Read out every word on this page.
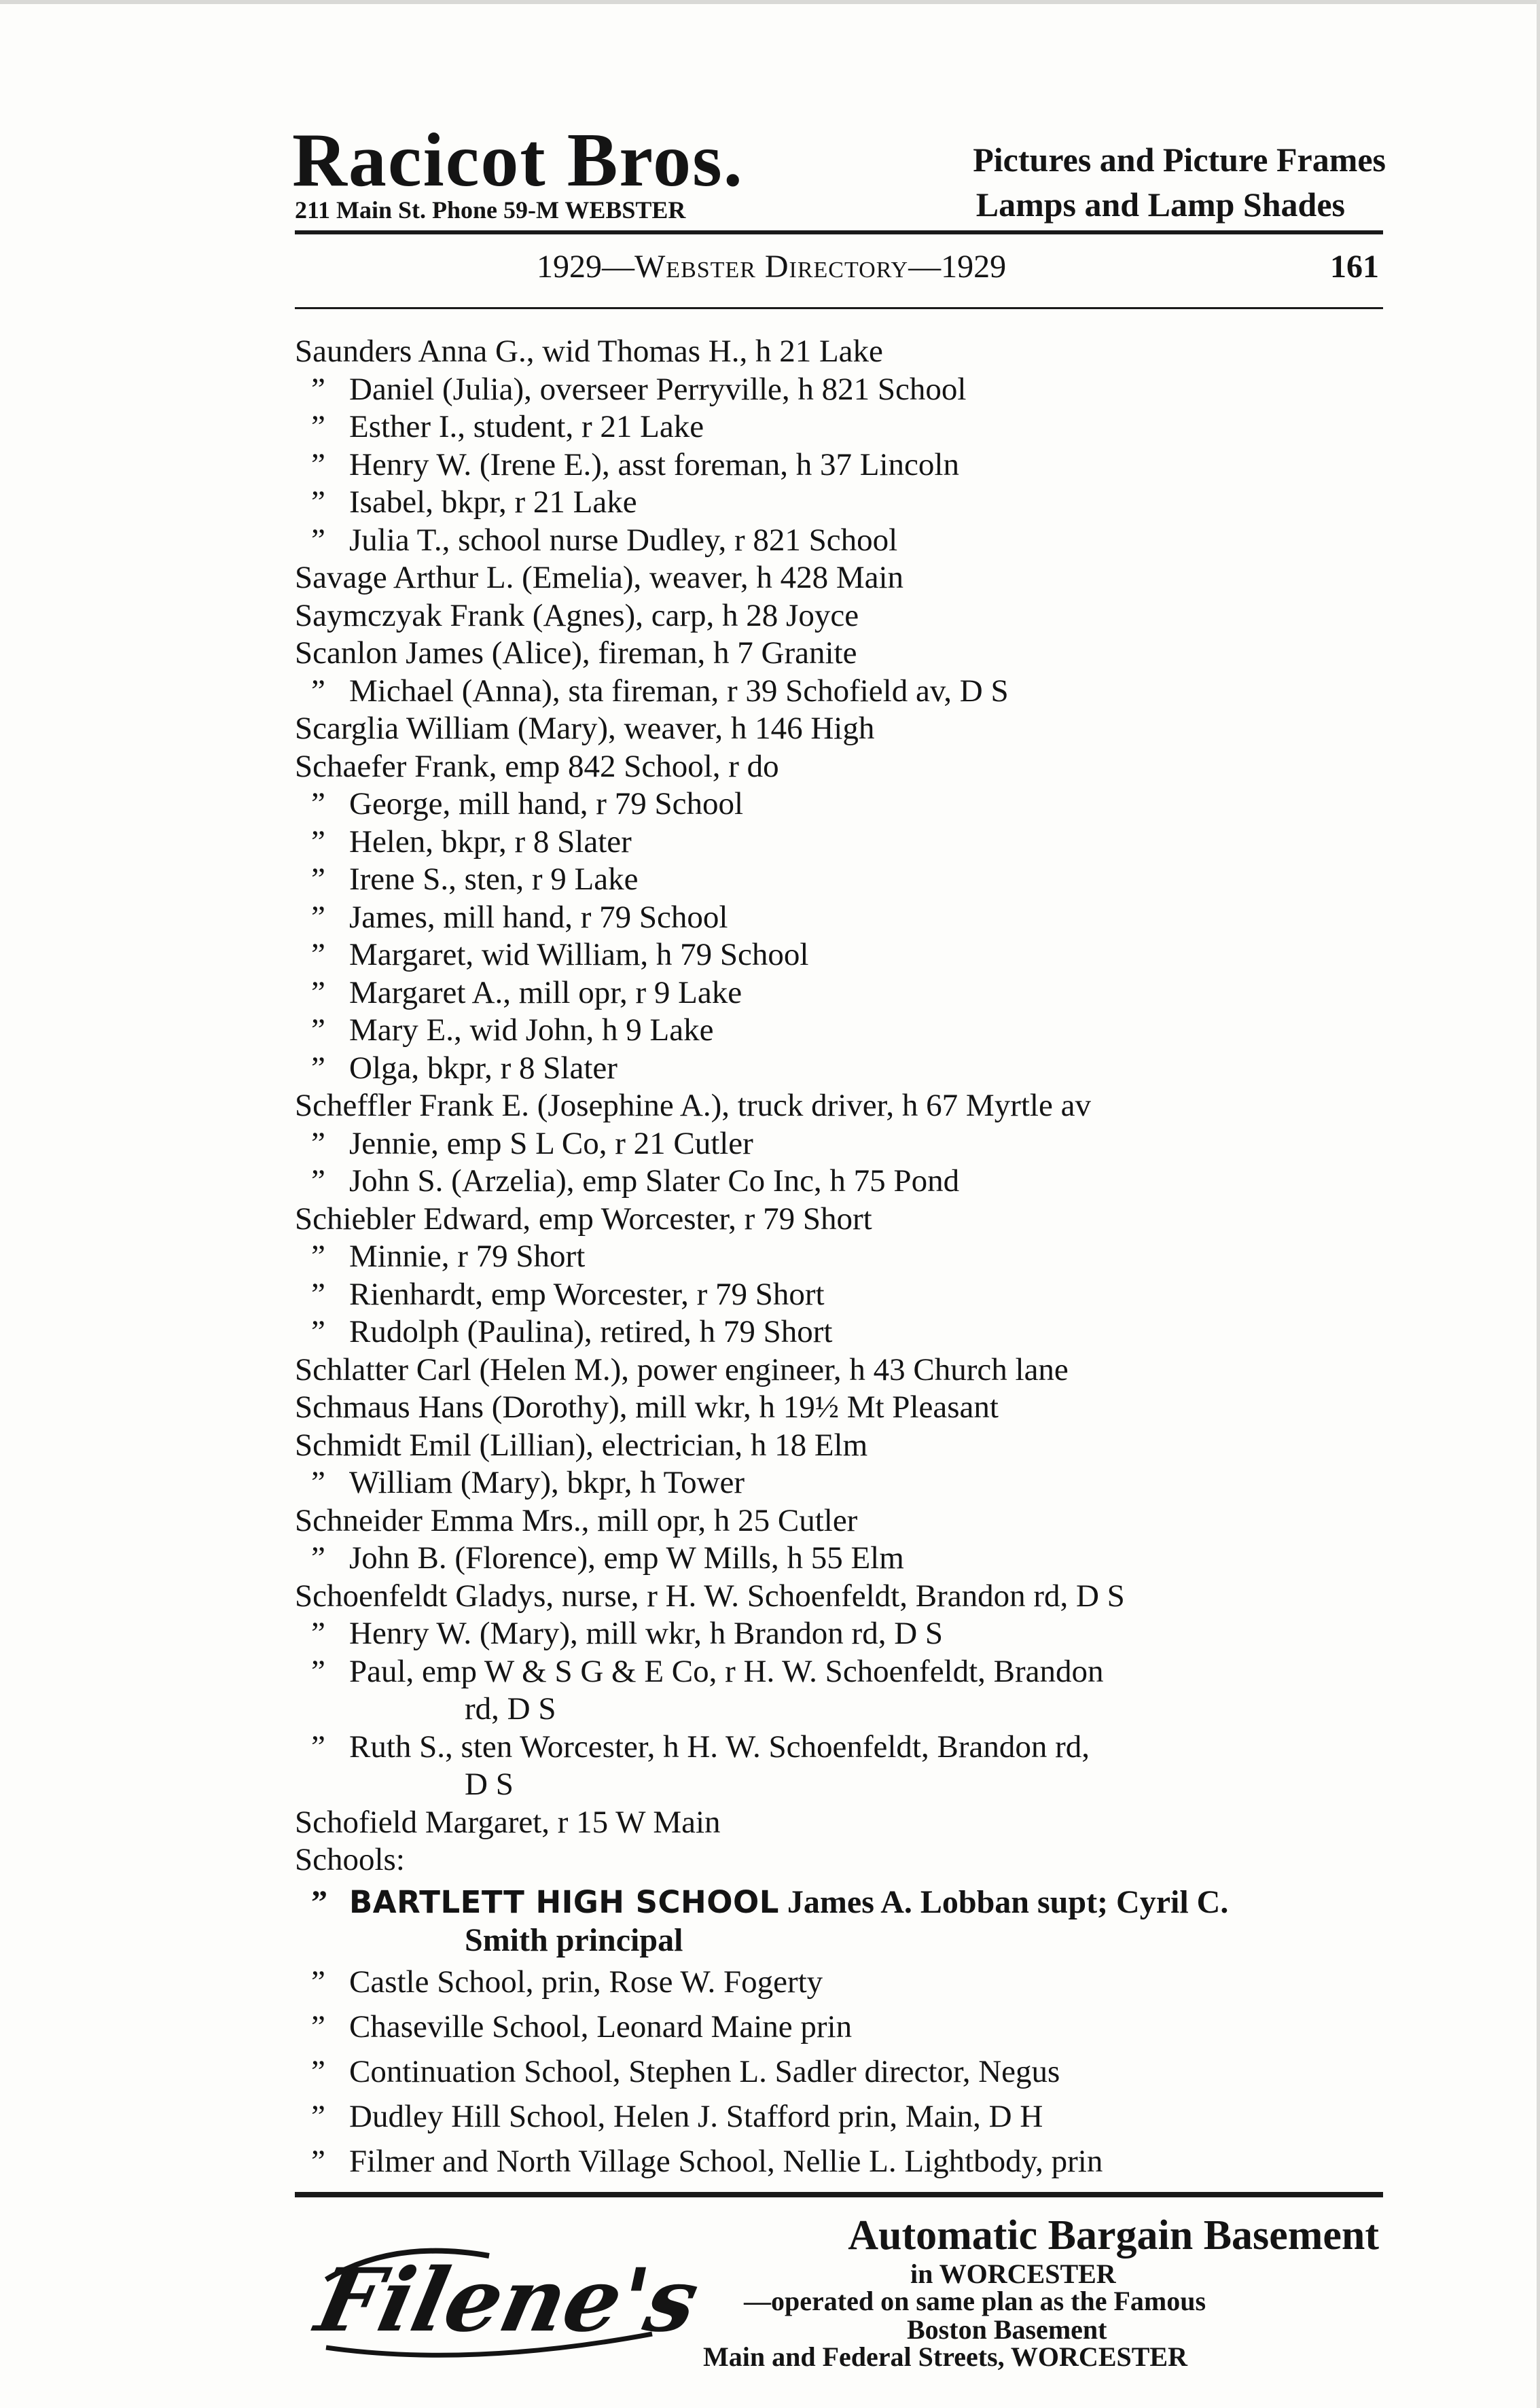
Racicot Bros.
211 Main St. Phone 59-M WEBSTER
Pictures and Picture Frames
Lamps and Lamp Shades
1929—Webster Directory—1929	161
Saunders Anna G., wid Thomas H., h 21 Lake
” Daniel (Julia), overseer Perryville, h 821 School
” Esther I., student, r 21 Lake
” Henry W. (Irene E.), asst foreman, h 37 Lincoln
” Isabel, bkpr, r 21 Lake
” Julia T., school nurse Dudley, r 821 School
Savage Arthur L. (Emelia), weaver, h 428 Main
Saymczyak Frank (Agnes), carp, h 28 Joyce
Scanlon James (Alice), fireman, h 7 Granite
” Michael (Anna), sta fireman, r 39 Schofield av, D S
Scarglia William (Mary), weaver, h 146 High
Schaefer Frank, emp 842 School, r do
” George, mill hand, r 79 School
” Helen, bkpr, r 8 Slater
” Irene S., sten, r 9 Lake
” James, mill hand, r 79 School
” Margaret, wid William, h 79 School
” Margaret A., mill opr, r 9 Lake
” Mary E., wid John, h 9 Lake
” Olga, bkpr, r 8 Slater
Scheffler Frank E. (Josephine A.), truck driver, h 67 Myrtle av
” Jennie, emp S L Co, r 21 Cutler
” John S. (Arzelia), emp Slater Co Inc, h 75 Pond
Schiebler Edward, emp Worcester, r 79 Short
” Minnie, r 79 Short
” Rienhardt, emp Worcester, r 79 Short
” Rudolph (Paulina), retired, h 79 Short
Schlatter Carl (Helen M.), power engineer, h 43 Church lane
Schmaus Hans (Dorothy), mill wkr, h 19½ Mt Pleasant
Schmidt Emil (Lillian), electrician, h 18 Elm
” William (Mary), bkpr, h Tower
Schneider Emma Mrs., mill opr, h 25 Cutler
” John B. (Florence), emp W Mills, h 55 Elm
Schoenfeldt Gladys, nurse, r H. W. Schoenfeldt, Brandon rd, D S
” Henry W. (Mary), mill wkr, h Brandon rd, D S
” Paul, emp W & S G & E Co, r H. W. Schoenfeldt, Brandon
rd, D S
” Ruth S., sten Worcester, h H. W. Schoenfeldt, Brandon rd,
D S
Schofield Margaret, r 15 W Main
Schools:
” BARTLETT HIGH SCHOOL James A. Lobban supt; Cyril C.
Smith principal
” Castle School, prin, Rose W. Fogerty
” Chaseville School, Leonard Maine prin
” Continuation School, Stephen L. Sadler director, Negus
” Dudley Hill School, Helen J. Stafford prin, Main, D H
” Filmer and North Village School, Nellie L. Lightbody, prin
Filene's
Automatic Bargain Basement
in WORCESTER
—operated on same plan as the Famous
Boston Basement
Main and Federal Streets, WORCESTER
